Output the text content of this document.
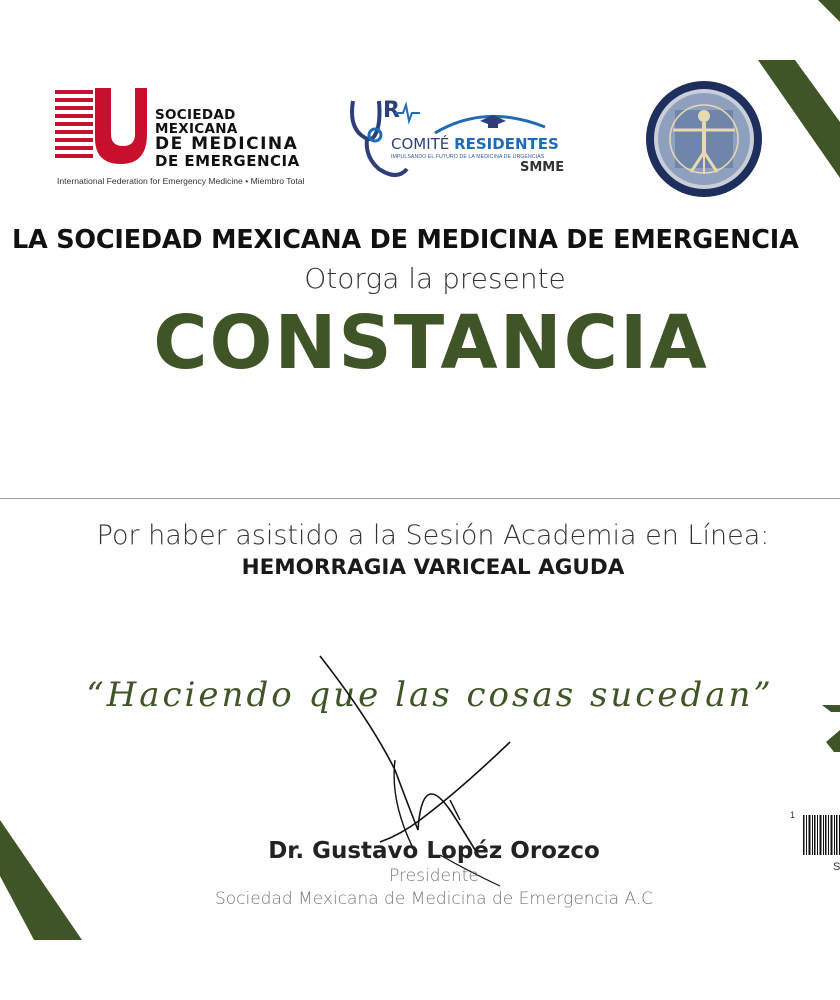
SOCIEDAD MEXICANA
DE MEDICINA
DE EMERGENCIA
International Federation for Emergency Medicine • Miembro Total
R
COMITÉ RESIDENTES
IMPULSANDO EL FUTURO DE LA MEDICINA DE URGENCIAS
SMME
LA SOCIEDAD MEXICANA DE MEDICINA DE EMERGENCIA
Otorga la presente
CONSTANCIA
Por haber asistido a la Sesión Academia en Línea:
HEMORRAGIA VARICEAL AGUDA
“Haciendo que las cosas sucedan”
Dr. Gustavo Lopéz Orozco
Presidente
Sociedad Mexicana de Medicina de Emergencia A.C
1
S
